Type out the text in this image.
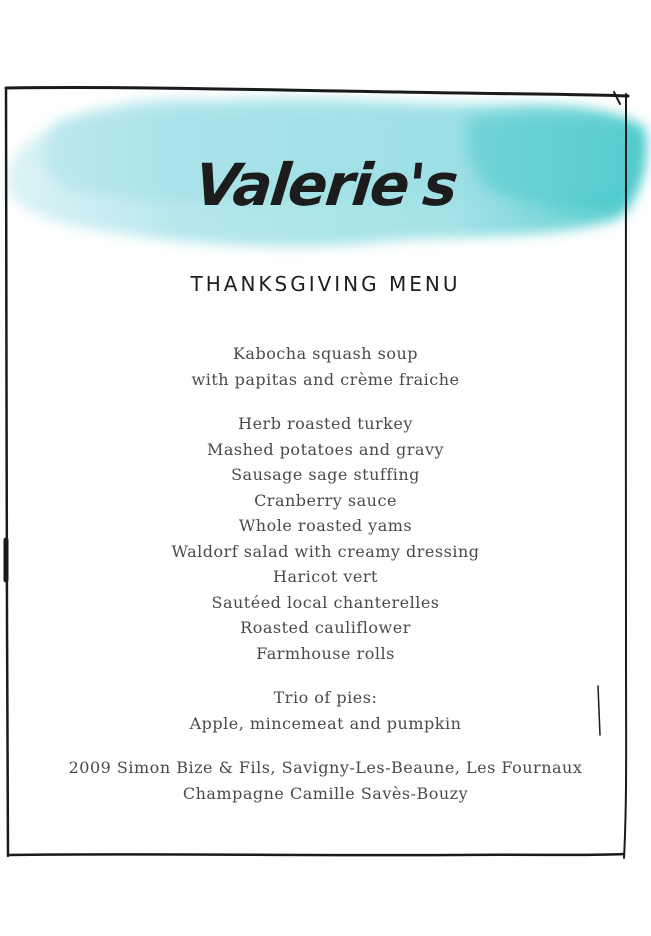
Valerie's
THANKSGIVING MENU
Kabocha squash soup
with papitas and crème fraiche
Herb roasted turkey
Mashed potatoes and gravy
Sausage sage stuffing
Cranberry sauce
Whole roasted yams
Waldorf salad with creamy dressing
Haricot vert
Sautéed local chanterelles
Roasted cauliflower
Farmhouse rolls
Trio of pies:
Apple, mincemeat and pumpkin
2009 Simon Bize & Fils, Savigny-Les-Beaune, Les Fournaux
Champagne Camille Savès-Bouzy
